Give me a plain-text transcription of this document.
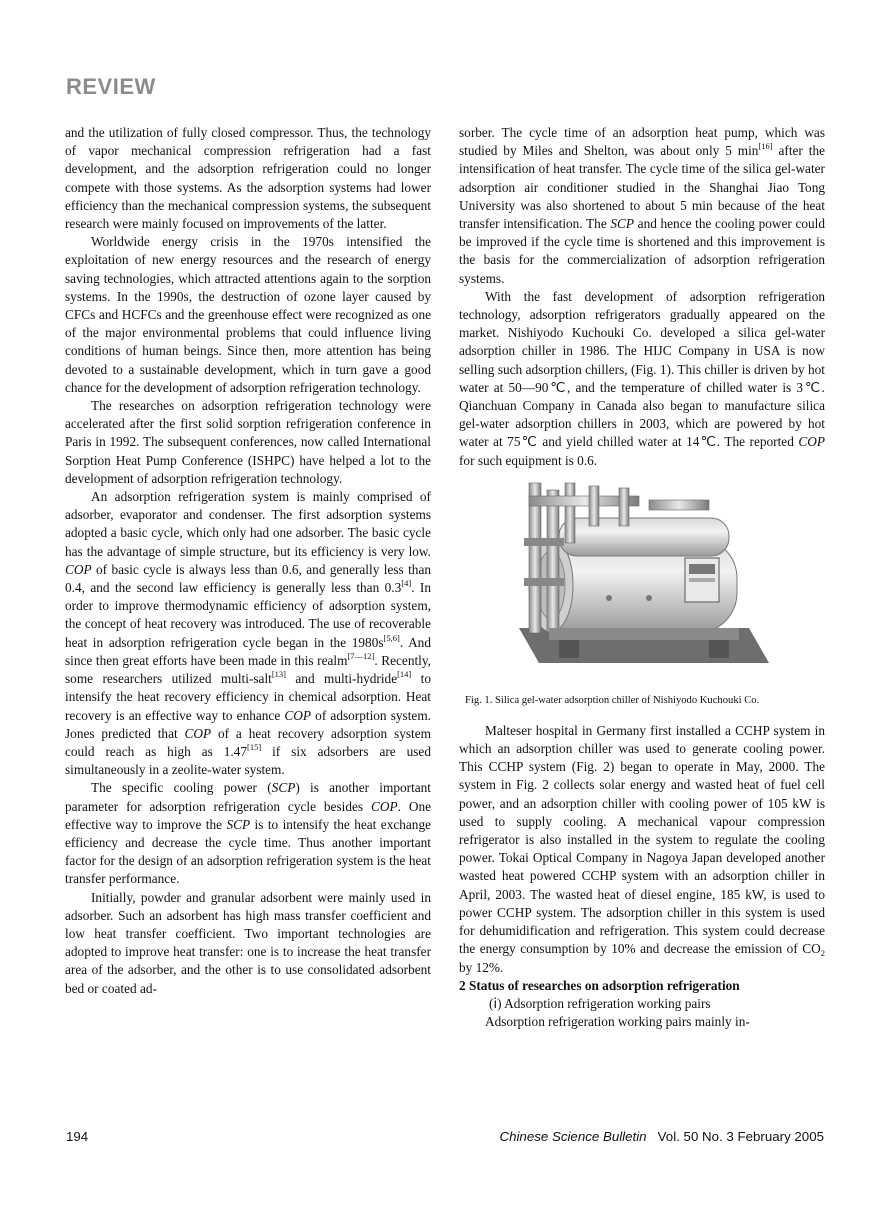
REVIEW

and the utilization of fully closed compressor. Thus, the technology of vapor mechanical compression refrigeration had a fast development, and the adsorption refrigeration could no longer compete with those systems. As the adsorption systems had lower efficiency than the mechanical compression systems, the subsequent research were mainly focused on improvements of the latter.

Worldwide energy crisis in the 1970s intensified the exploitation of new energy resources and the research of energy saving technologies, which attracted attentions again to the sorption systems. In the 1990s, the destruction of ozone layer caused by CFCs and HCFCs and the greenhouse effect were recognized as one of the major environmental problems that could influence living conditions of human beings. Since then, more attention has being devoted to a sustainable development, which in turn gave a good chance for the development of adsorption refrigeration technology.

The researches on adsorption refrigeration technology were accelerated after the first solid sorption refrigeration conference in Paris in 1992. The subsequent conferences, now called International Sorption Heat Pump Conference (ISHPC) have helped a lot to the development of adsorption refrigeration technology.

An adsorption refrigeration system is mainly comprised of adsorber, evaporator and condenser. The first adsorption systems adopted a basic cycle, which only had one adsorber. The basic cycle has the advantage of simple structure, but its efficiency is very low. COP of basic cycle is always less than 0.6, and generally less than 0.4, and the second law efficiency is generally less than 0.3[4]. In order to improve thermodynamic efficiency of adsorption system, the concept of heat recovery was introduced. The use of recoverable heat in adsorption refrigeration cycle began in the 1980s[5,6]. And since then great efforts have been made in this realm[7—12]. Recently, some researchers utilized multi-salt[13] and multi-hydride[14] to intensify the heat recovery efficiency in chemical adsorption. Heat recovery is an effective way to enhance COP of adsorption system. Jones predicted that COP of a heat recovery adsorption system could reach as high as 1.47[15] if six adsorbers are used simultaneously in a zeolite-water system.

The specific cooling power (SCP) is another important parameter for adsorption refrigeration cycle besides COP. One effective way to improve the SCP is to intensify the heat exchange efficiency and decrease the cycle time. Thus another important factor for the design of an adsorption refrigeration system is the heat transfer performance.

Initially, powder and granular adsorbent were mainly used in adsorber. Such an adsorbent has high mass transfer coefficient and low heat transfer coefficient. Two important technologies are adopted to improve heat transfer: one is to increase the heat transfer area of the adsorber, and the other is to use consolidated adsorbent bed or coated ad-

sorber. The cycle time of an adsorption heat pump, which was studied by Miles and Shelton, was about only 5 min[16] after the intensification of heat transfer. The cycle time of the silica gel-water adsorption air conditioner studied in the Shanghai Jiao Tong University was also shortened to about 5 min because of the heat transfer intensification. The SCP and hence the cooling power could be improved if the cycle time is shortened and this improvement is the basis for the commercialization of adsorption refrigeration systems.

With the fast development of adsorption refrigeration technology, adsorption refrigerators gradually appeared on the market. Nishiyodo Kuchouki Co. developed a silica gel-water adsorption chiller in 1986. The HIJC Company in USA is now selling such adsorption chillers, (Fig. 1). This chiller is driven by hot water at 50—90℃, and the temperature of chilled water is 3℃. Qianchuan Company in Canada also began to manufacture silica gel-water adsorption chillers in 2003, which are powered by hot water at 75℃ and yield chilled water at 14℃. The reported COP for such equipment is 0.6.

Fig. 1. Silica gel-water adsorption chiller of Nishiyodo Kuchouki Co.

Malteser hospital in Germany first installed a CCHP system in which an adsorption chiller was used to generate cooling power. This CCHP system (Fig. 2) began to operate in May, 2000. The system in Fig. 2 collects solar energy and wasted heat of fuel cell power, and an adsorption chiller with cooling power of 105 kW is used to supply cooling. A mechanical vapour compression refrigerator is also installed in the system to regulate the cooling power. Tokai Optical Company in Nagoya Japan developed another wasted heat powered CCHP system with an adsorption chiller in April, 2003. The wasted heat of diesel engine, 185 kW, is used to power CCHP system. The adsorption chiller in this system is used for dehumidification and refrigeration. This system could decrease the energy consumption by 10% and decrease the emission of $CO_2$ by 12%.

2 Status of researches on adsorption refrigeration

(ⅰ) Adsorption refrigeration working pairs

Adsorption refrigeration working pairs mainly in-

194	Chinese Science Bulletin Vol. 50 No. 3 February 2005
